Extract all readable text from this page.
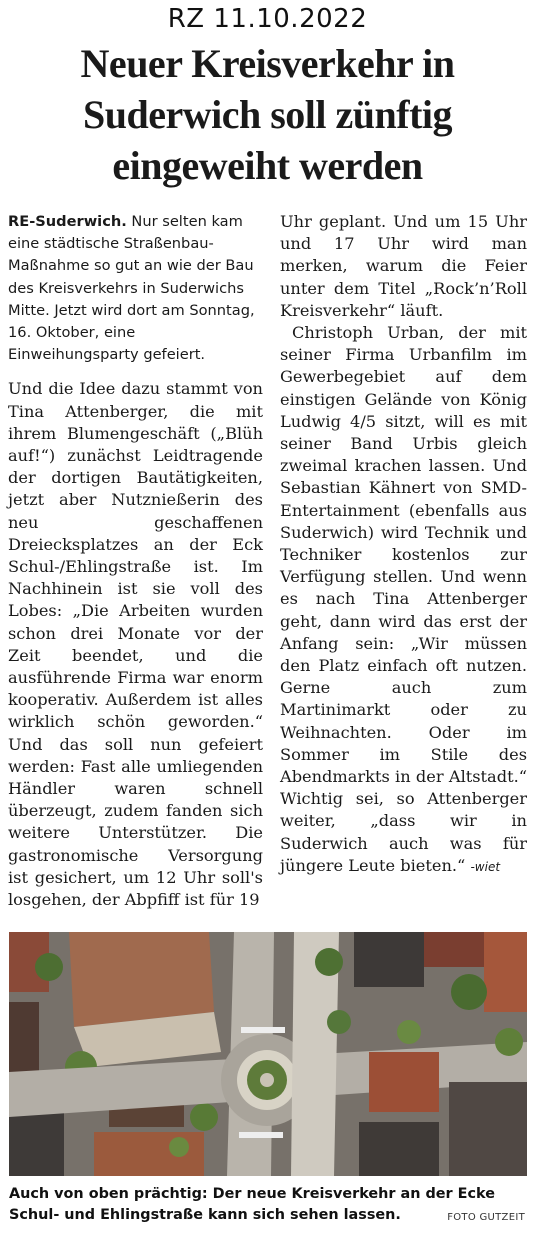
RZ 11.10.2022
Neuer Kreisverkehr in Suderwich soll zünftig eingeweiht werden

RE-Suderwich. Nur selten kam eine städtische Straßenbau-Maßnahme so gut an wie der Bau des Kreisverkehrs in Suderwichs Mitte. Jetzt wird dort am Sonntag, 16. Oktober, eine Einweihungsparty gefeiert.

Und die Idee dazu stammt von Tina Attenberger, die mit ihrem Blumengeschäft („Blüh auf!“) zunächst Leidtragende der dortigen Bautätigkeiten, jetzt aber Nutznießerin des neu geschaffenen Dreiecksplatzes an der Eck Schul-/Ehlingstraße ist. Im Nachhinein ist sie voll des Lobes: „Die Arbeiten wurden schon drei Monate vor der Zeit beendet, und die ausführende Firma war enorm kooperativ. Außerdem ist alles wirklich schön geworden.“ Und das soll nun gefeiert werden: Fast alle umliegenden Händler waren schnell überzeugt, zudem fanden sich weitere Unterstützer. Die gastronomische Versorgung ist gesichert, um 12 Uhr soll's losgehen, der Abpfiff ist für 19

Uhr geplant. Und um 15 Uhr und 17 Uhr wird man merken, warum die Feier unter dem Titel „Rock’n’Roll Kreisverkehr“ läuft.

Christoph Urban, der mit seiner Firma Urbanfilm im Gewerbegebiet auf dem einstigen Gelände von König Ludwig 4/5 sitzt, will es mit seiner Band Urbis gleich zweimal krachen lassen. Und Sebastian Kähnert von SMD-Entertainment (ebenfalls aus Suderwich) wird Technik und Techniker kostenlos zur Verfügung stellen. Und wenn es nach Tina Attenberger geht, dann wird das erst der Anfang sein: „Wir müssen den Platz einfach oft nutzen. Gerne auch zum Martinimarkt oder zu Weihnachten. Oder im Sommer im Stile des Abendmarkts in der Altstadt.“ Wichtig sei, so Attenberger weiter, „dass wir in Suderwich auch was für jüngere Leute bieten.“ -wiet

Auch von oben prächtig: Der neue Kreisverkehr an der Ecke Schul- und Ehlingstraße kann sich sehen lassen.	FOTO GUTZEIT
